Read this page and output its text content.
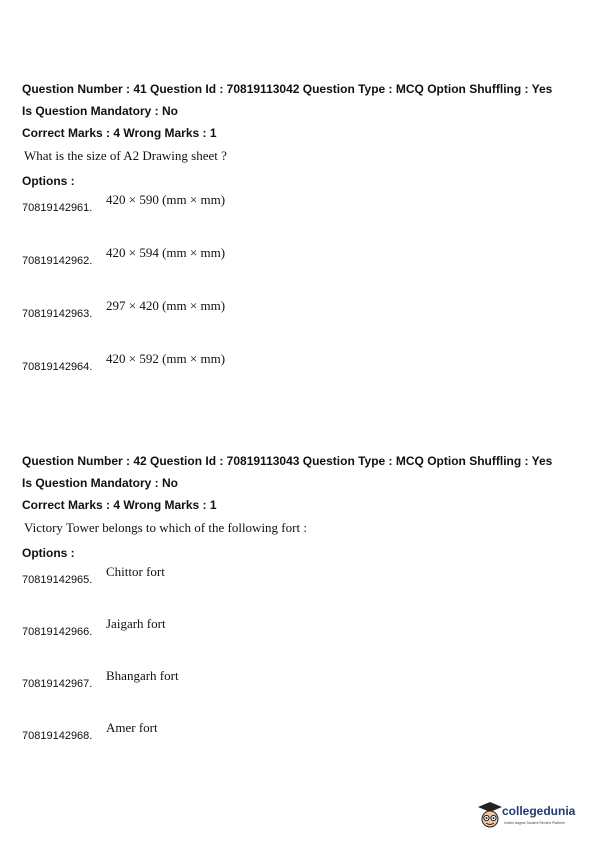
Question Number : 41 Question Id : 70819113042 Question Type : MCQ Option Shuffling : Yes

Is Question Mandatory : No

Correct Marks : 4 Wrong Marks : 1

What is the size of A2 Drawing sheet ?

Options :

70819142961.
420 × 590 (mm × mm)
70819142962.
420 × 594 (mm × mm)
70819142963.
297 × 420 (mm × mm)
70819142964.
420 × 592 (mm × mm)

Question Number : 42 Question Id : 70819113043 Question Type : MCQ Option Shuffling : Yes

Is Question Mandatory : No

Correct Marks : 4 Wrong Marks : 1

Victory Tower belongs to which of the following fort :

Options :

70819142965.
Chittor fort
70819142966.
Jaigarh fort
70819142967.
Bhangarh fort
70819142968.
Amer fort
collegedunia
India's largest Student Review Platform
